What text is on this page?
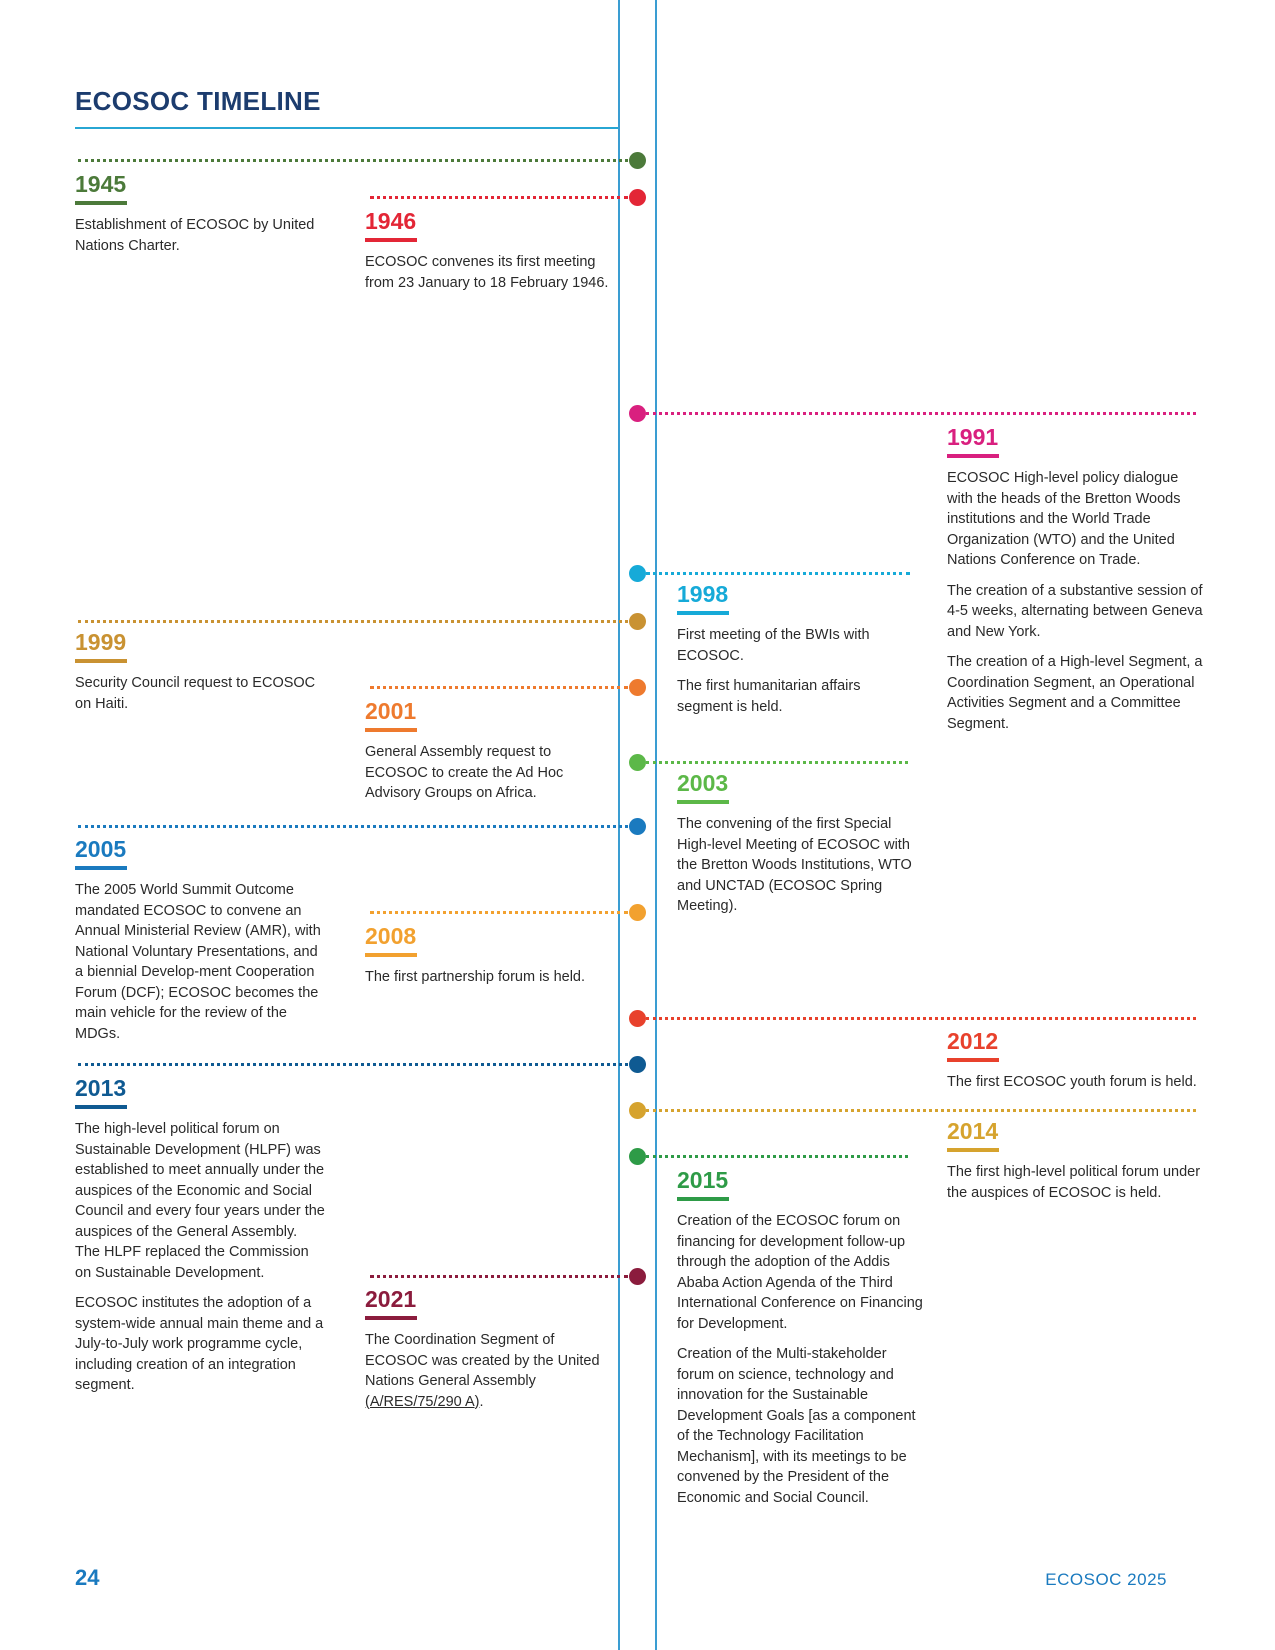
ECOSOC TIMELINE
1945

Establishment of ECOSOC by United Nations Charter.

1946

ECOSOC convenes its first meeting from 23 January to 18 February 1946.

1991

ECOSOC High-level policy dialogue with the heads of the Bretton Woods institutions and the World Trade Organization (WTO) and the United Nations Conference on Trade.

The creation of a substantive session of 4-5 weeks, alternating between Geneva and New York.

The creation of a High-level Segment, a Coordination Segment, an Operational Activities Segment and a Committee Segment.

1998

First meeting of the BWIs with ECOSOC.

The first humanitarian affairs segment is held.

1999

Security Council request to ECOSOC on Haiti.	2001

General Assembly request to ECOSOC to create the Ad Hoc Advisory Groups on Africa.	2003

The convening of the first Special High-level Meeting of ECOSOC with the Bretton Woods Institutions, WTO and UNCTAD (ECOSOC Spring Meeting).

2005

The 2005 World Summit Outcome mandated ECOSOC to convene an Annual Ministerial Review (AMR), with National Voluntary Presentations, and a biennial Develop-ment Cooperation Forum (DCF); ECOSOC becomes the main vehicle for the review of the MDGs.

2008

The first partnership forum is held.

2012

The first ECOSOC youth forum is held.

2013

The high-level political forum on Sustainable Development (HLPF) was established to meet annually under the auspices of the Economic and Social Council and every four years under the auspices of the General Assembly. The HLPF replaced the Commission on Sustainable Development.

ECOSOC institutes the adoption of a system-wide annual main theme and a July-to-July work programme cycle, including creation of an integration segment.

2014

The first high-level political forum under the auspices of ECOSOC is held.

2015

Creation of the ECOSOC forum on financing for development follow-up through the adoption of the Addis Ababa Action Agenda of the Third International Conference on Financing for Development.

Creation of the Multi-stakeholder forum on science, technology and innovation for the Sustainable Development Goals [as a component of the Technology Facilitation Mechanism], with its meetings to be convened by the President of the Economic and Social Council.

2021

The Coordination Segment of ECOSOC was created by the United Nations General Assembly

(A/RES/75/290 A).

24	ECOSOC 2025
